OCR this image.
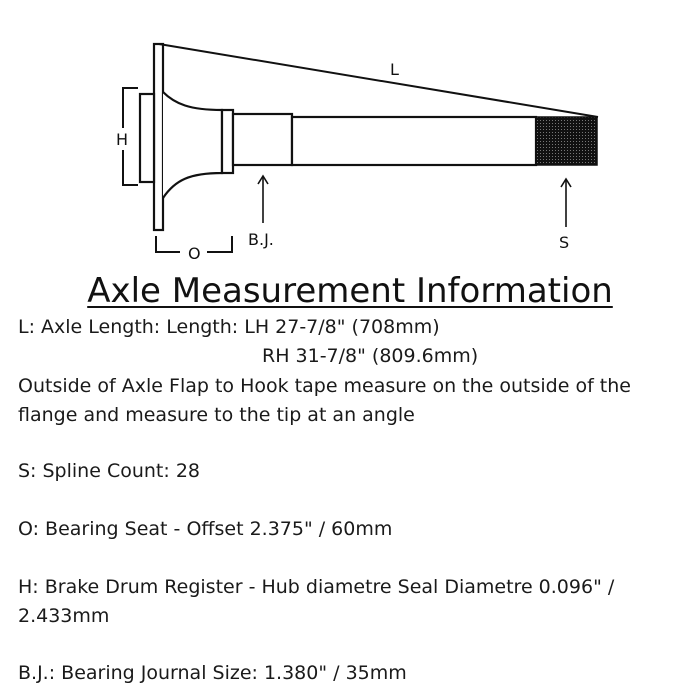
L
H
O
B.J.	S
Axle Measurement Information
L: Axle Length: Length: LH 27-7/8" (708mm)
RH 31-7/8" (809.6mm)
Outside of Axle Flap to Hook tape measure on the outside of the
flange and measure to the tip at an angle
S: Spline Count: 28
O: Bearing Seat - Offset 2.375" / 60mm
H: Brake Drum Register - Hub diametre Seal Diametre 0.096" /
2.433mm
B.J.: Bearing Journal Size: 1.380" / 35mm
